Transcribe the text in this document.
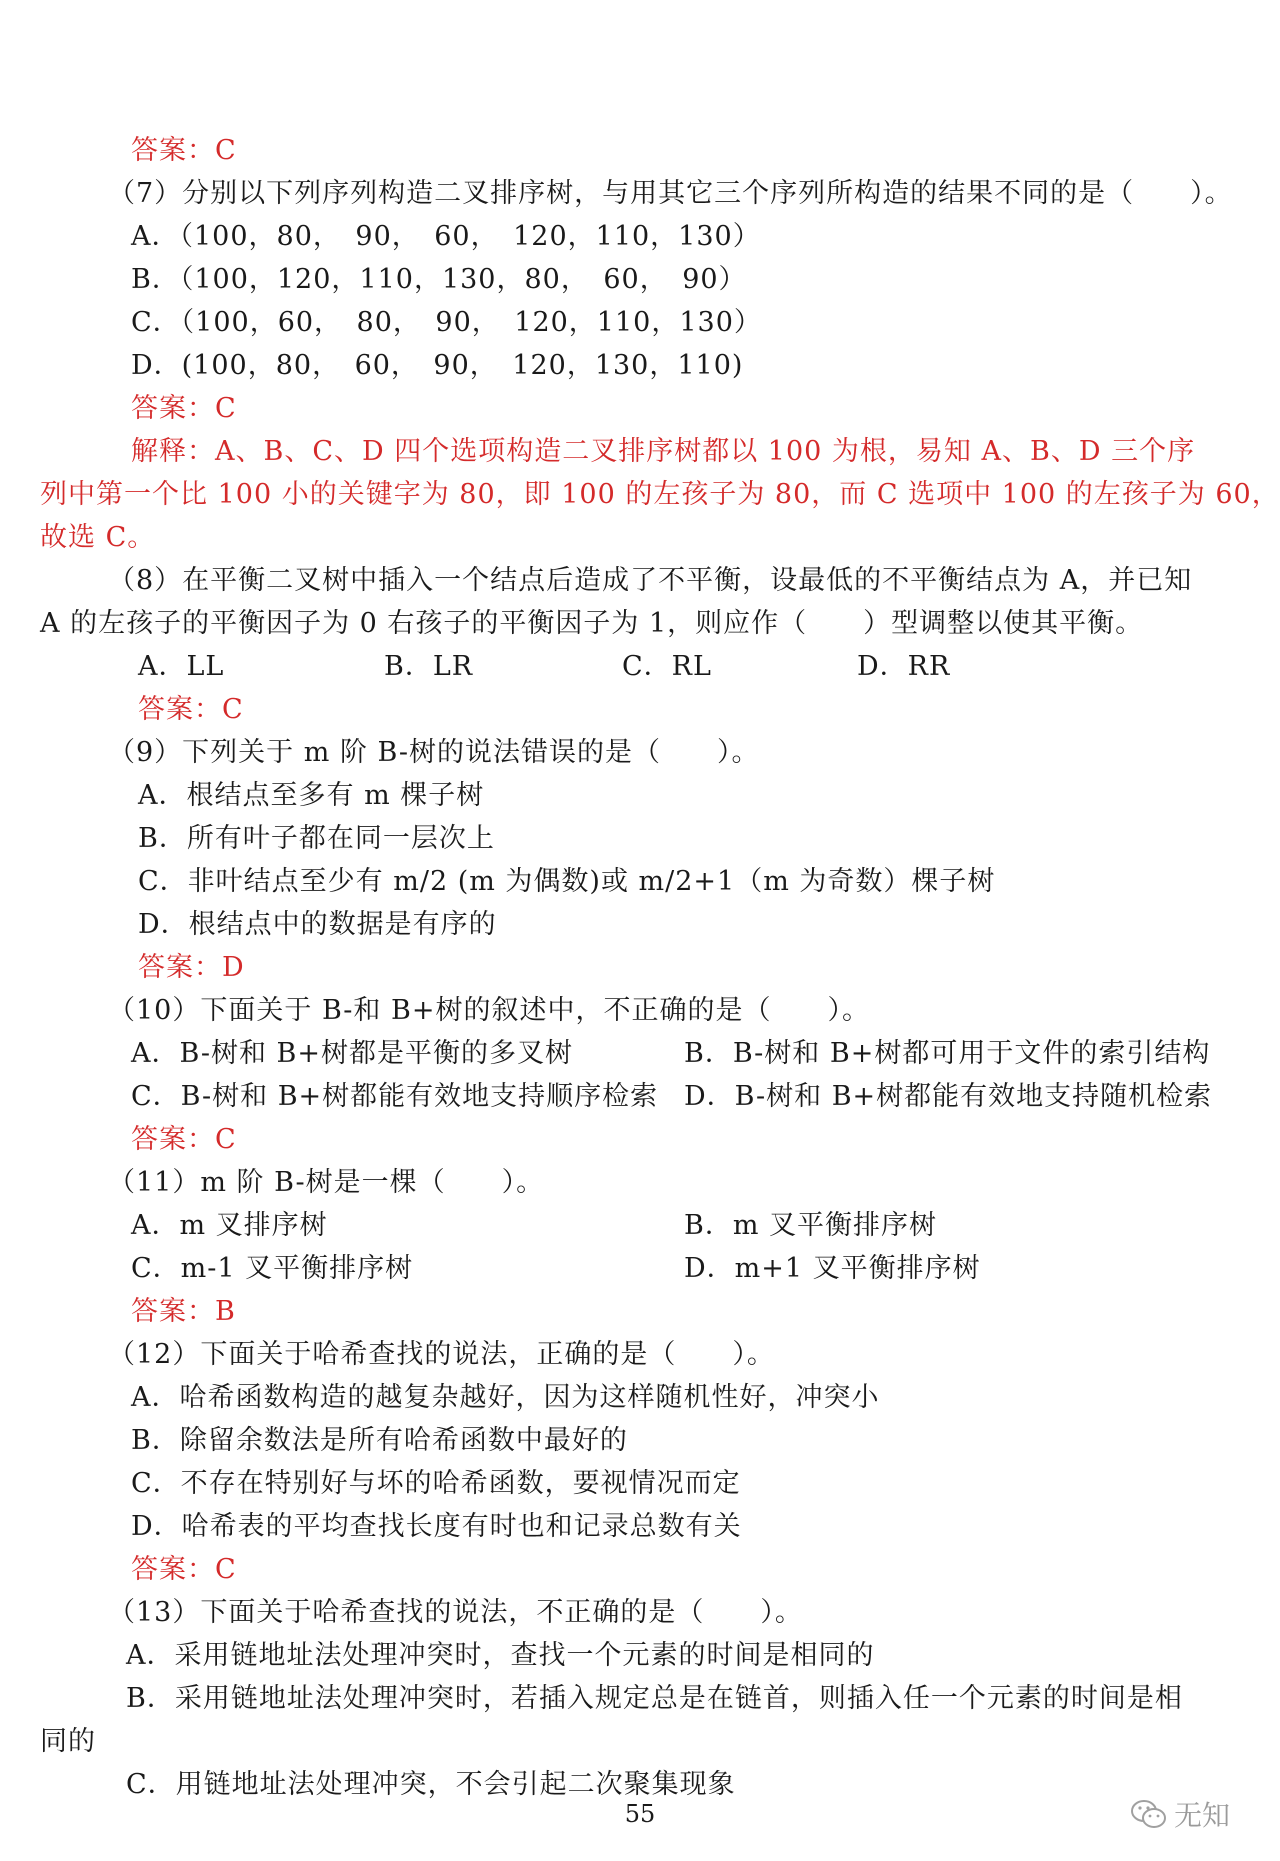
答案：C
（7）分别以下列序列构造二叉排序树，与用其它三个序列所构造的结果不同的是（　　）。
A．（100，80，　90，　60，　120，110，130）
B．（100，120，110，130，80，　60，　90）
C．（100，60，　80，　90，　120，110，130）
D．(100，80，　60，　90，　120，130，110)
答案：C
解释：A、B、C、D 四个选项构造二叉排序树都以 100 为根，易知 A、B、D 三个序
列中第一个比 100 小的关键字为 80，即 100 的左孩子为 80，而 C 选项中 100 的左孩子为 60，
故选 C。
（8）在平衡二叉树中插入一个结点后造成了不平衡，设最低的不平衡结点为 A，并已知
A 的左孩子的平衡因子为 0 右孩子的平衡因子为 1，则应作（　　）型调整以使其平衡。
A．LL	B．LR	C．RL	D．RR
答案：C
（9）下列关于 m 阶 B-树的说法错误的是（　　）。
A．根结点至多有 m 棵子树
B．所有叶子都在同一层次上
C．非叶结点至少有 m/2 (m 为偶数)或 m/2+1（m 为奇数）棵子树
D．根结点中的数据是有序的
答案：D
（10）下面关于 B-和 B+树的叙述中，不正确的是（　　）。
A．B-树和 B+树都是平衡的多叉树	B．B-树和 B+树都可用于文件的索引结构
C．B-树和 B+树都能有效地支持顺序检索 D．B-树和 B+树都能有效地支持随机检索
答案：C
（11）m 阶 B-树是一棵（　　）。
A．m 叉排序树	B．m 叉平衡排序树
C．m-1 叉平衡排序树	D．m+1 叉平衡排序树
答案：B
（12）下面关于哈希查找的说法，正确的是（　　）。
A．哈希函数构造的越复杂越好，因为这样随机性好，冲突小
B．除留余数法是所有哈希函数中最好的
C．不存在特别好与坏的哈希函数，要视情况而定
D．哈希表的平均查找长度有时也和记录总数有关
答案：C
（13）下面关于哈希查找的说法，不正确的是（　　）。
A．采用链地址法处理冲突时，查找一个元素的时间是相同的
B．采用链地址法处理冲突时，若插入规定总是在链首，则插入任一个元素的时间是相
同的
C．用链地址法处理冲突，不会引起二次聚集现象
55	无知
